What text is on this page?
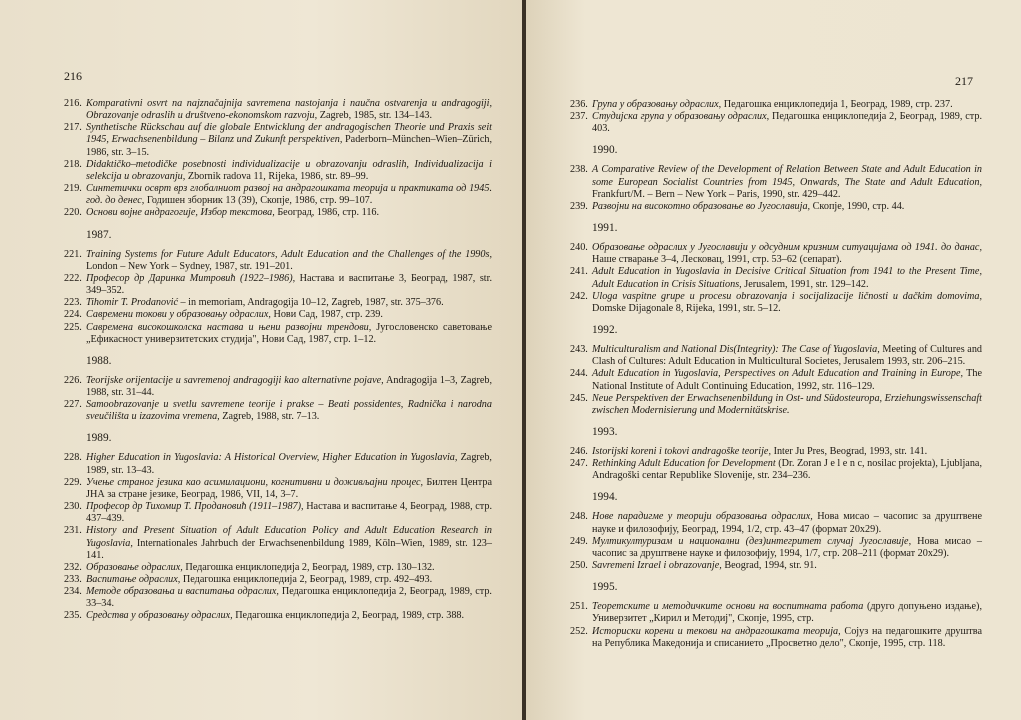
216

216. Komparativni osvrt na najznačajnija savremena nastojanja i naučna ostvarenja u andragogiji, Obrazovanje odraslih u društveno-ekonomskom razvoju, Zagreb, 1985, str. 134–143.

217. Synthetische Rückschau auf die globale Entwicklung der andragogischen Theorie und Praxis seit 1945, Erwachsenenbildung – Bilanz und Zukunft perspektiven, Paderborn–München–Wien–Zürich, 1986, str. 3–15.

218. Didaktičko–metodičke posebnosti individualizacije u obrazovanju odraslih, Individualizacija i selekcija u obrazovanju, Zbornik radova 11, Rijeka, 1986, str. 89–99.

219. Синтетички осврт врз глобалниот развој на андрагошката теорија и практиката од 1945. год. до денес, Годишен зборник 13 (39), Скопје, 1986, стр. 99–107.

220. Основи војне андрагогије, Избор текстова, Београд, 1986, стр. 116.

1987.

221. Training Systems for Future Adult Educators, Adult Education and the Challenges of the 1990s, London – New York – Sydney, 1987, str. 191–201.

222. Професор др Даринка Митровић (1922–1986), Настава и васпитање 3, Београд, 1987, str. 349–352.

223. Tihomir T. Prodanović – in memoriam, Andragogija 10–12, Zagreb, 1987, str. 375–376.

224. Савремени токови у образовању одраслих, Нови Сад, 1987, стр. 239.

225. Савремена високошколска настава и њени развојни трендови, Југословенско саветовање „Ефикасност универзитетских студија", Нови Сад, 1987, стр. 1–12.

1988.

226. Teorijske orijentacije u savremenoj andragogiji kao alternativne pojave, Andragogija 1–3, Zagreb, 1988, str. 31–44.

227. Samoobrazovanje u svetlu savremene teorije i prakse – Beati possidentes, Radnička i narodna sveučilišta u izazovima vremena, Zagreb, 1988, str. 7–13.

1989.

228. Higher Education in Yugoslavia: A Historical Overview, Higher Education in Yugoslavia, Zagreb, 1989, str. 13–43.

229. Учење страног језика као асимилациони, когнитивни и доживљајни процес, Билтен Центра ЈНА за стране језике, Београд, 1986, VII, 14, 3–7.

230. Професор др Тихомир Т. Продановић (1911–1987), Настава и васпитање 4, Београд, 1988, стр. 437–439.

231. History and Present Situation of Adult Education Policy and Adult Education Research in Yugoslavia, Internationales Jahrbuch der Erwachsenenbildung 1989, Köln–Wien, 1989, str. 123–141.

232. Образовање одраслих, Педагошка енциклопедија 2, Београд, 1989, стр. 130–132.

233. Васпитање одраслих, Педагошка енциклопедија 2, Београд, 1989, стр. 492–493.

234. Методе образовања и васпитања одраслих, Педагошка енциклопедија 2, Београд, 1989, стр. 33–34.

235. Средства у образовању одраслих, Педагошка енциклопедија 2, Београд, 1989, стр. 388.

217

236. Група у образовању одраслих, Педагошка енциклопедија 1, Београд, 1989, стр. 237.

237. Студијска група у образовању одраслих, Педагошка енциклопедија 2, Београд, 1989, стр. 403.

1990.

238. A Comparative Review of the Development of Relation Between State and Adult Education in some European Socialist Countries from 1945, Onwards, The State and Adult Education, Frankfurt/M. – Bern – New York – Paris, 1990, str. 429–442.

239. Развојни на високотно образовање во Југославија, Скопје, 1990, стр. 44.

1991.

240. Образовање одраслих у Југославији у одсудним кризним ситуацијама од 1941. до данас, Наше стварање 3–4, Лесковац, 1991, стр. 53–62 (сепарат).

241. Adult Education in Yugoslavia in Decisive Critical Situation from 1941 to the Present Time, Adult Education in Crisis Situations, Jerusalem, 1991, str. 129–142.

242. Uloga vaspitne grupe u procesu obrazovanja i socijalizacije ličnosti u dačkim domovima, Domske Dijagonale 8, Rijeka, 1991, str. 5–12.

1992.

243. Multiculturalism and National Dis(Integrity): The Case of Yugoslavia, Meeting of Cultures and Clash of Cultures: Adult Education in Multicultural Societes, Jerusalem 1993, str. 206–215.

244. Adult Education in Yugoslavia, Perspectives on Adult Education and Training in Europe, The National Institute of Adult Continuing Education, 1992, str. 116–129.

245. Neue Perspektiven der Erwachsenenbildung in Ost- und Südosteuropa, Erziehungswissenschaft zwischen Modernisierung und Modernitätskrise.

1993.

246. Istorijski koreni i tokovi andragoške teorije, Inter Ju Pres, Beograd, 1993, str. 141.

247. Rethinking Adult Education for Development (Dr. Zoran J e l e n c, nosilac projekta), Ljubljana, Andragoški centar Republike Slovenije, str. 234–236.

1994.

248. Нове парадигме у теорији образовања одраслих, Нова мисао – часопис за друштвене науке и филозофију, Београд, 1994, 1/2, стр. 43–47 (формат 20x29).

249. Мултикултуризам и национални (дез)интегритет случај Југославије, Нова мисао – часопис за друштвене науке и филозофију, 1994, 1/7, стр. 208–211 (формат 20x29).

250. Savremeni Izrael i obrazovanje, Beograd, 1994, str. 91.

1995.

251. Теоретските и методичките основи на воспитната работа (друго допуњено издање), Универзитет „Кирил и Методиј", Скопје, 1995, стр.

252. Историски корени и текови на андрагошката теорија, Сојуз на педагошките друштва на Република Македонија и списанието „Просветно дело", Скопје, 1995, стр. 118.
